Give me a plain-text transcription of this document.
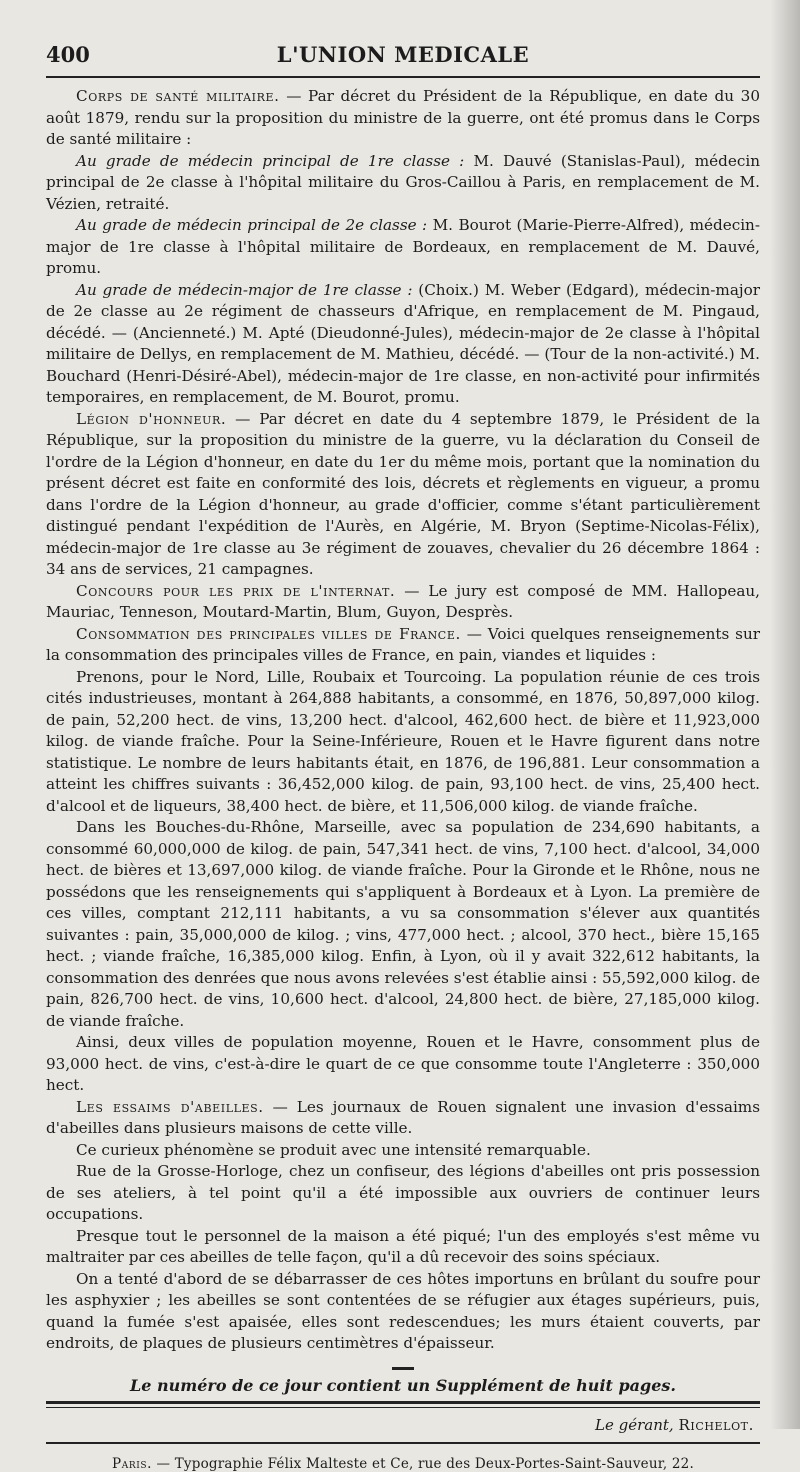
400	L'UNION MEDICALE

Corps de santé militaire. — Par décret du Président de la République, en date du 30 août 1879, rendu sur la proposition du ministre de la guerre, ont été promus dans le Corps de santé militaire :

Au grade de médecin principal de 1re classe : M. Dauvé (Stanislas-Paul), médecin principal de 2e classe à l'hôpital militaire du Gros-Caillou à Paris, en remplacement de M. Vézien, retraité.

Au grade de médecin principal de 2e classe : M. Bourot (Marie-Pierre-Alfred), médecin-major de 1re classe à l'hôpital militaire de Bordeaux, en remplacement de M. Dauvé, promu.

Au grade de médecin-major de 1re classe : (Choix.) M. Weber (Edgard), médecin-major de 2e classe au 2e régiment de chasseurs d'Afrique, en remplacement de M. Pingaud, décédé. — (Ancienneté.) M. Apté (Dieudonné-Jules), médecin-major de 2e classe à l'hôpital militaire de Dellys, en remplacement de M. Mathieu, décédé. — (Tour de la non-activité.) M. Bouchard (Henri-Désiré-Abel), médecin-major de 1re classe, en non-activité pour infirmités temporaires, en remplacement, de M. Bourot, promu.

Légion d'honneur. — Par décret en date du 4 septembre 1879, le Président de la République, sur la proposition du ministre de la guerre, vu la déclaration du Conseil de l'ordre de la Légion d'honneur, en date du 1er du même mois, portant que la nomination du présent décret est faite en conformité des lois, décrets et règlements en vigueur, a promu dans l'ordre de la Légion d'honneur, au grade d'officier, comme s'étant particulièrement distingué pendant l'expédition de l'Aurès, en Algérie, M. Bryon (Septime-Nicolas-Félix), médecin-major de 1re classe au 3e régiment de zouaves, chevalier du 26 décembre 1864 : 34 ans de services, 21 campagnes.

Concours pour les prix de l'internat. — Le jury est composé de MM. Hallopeau, Mauriac, Tenneson, Moutard-Martin, Blum, Guyon, Desprès.

Consommation des principales villes de France. — Voici quelques renseignements sur la consommation des principales villes de France, en pain, viandes et liquides :

Prenons, pour le Nord, Lille, Roubaix et Tourcoing. La population réunie de ces trois cités industrieuses, montant à 264,888 habitants, a consommé, en 1876, 50,897,000 kilog. de pain, 52,200 hect. de vins, 13,200 hect. d'alcool, 462,600 hect. de bière et 11,923,000 kilog. de viande fraîche. Pour la Seine-Inférieure, Rouen et le Havre figurent dans notre statistique. Le nombre de leurs habitants était, en 1876, de 196,881. Leur consommation a atteint les chiffres suivants : 36,452,000 kilog. de pain, 93,100 hect. de vins, 25,400 hect. d'alcool et de liqueurs, 38,400 hect. de bière, et 11,506,000 kilog. de viande fraîche.

Dans les Bouches-du-Rhône, Marseille, avec sa population de 234,690 habitants, a consommé 60,000,000 de kilog. de pain, 547,341 hect. de vins, 7,100 hect. d'alcool, 34,000 hect. de bières et 13,697,000 kilog. de viande fraîche. Pour la Gironde et le Rhône, nous ne possédons que les renseignements qui s'appliquent à Bordeaux et à Lyon. La première de ces villes, comptant 212,111 habitants, a vu sa consommation s'élever aux quantités suivantes : pain, 35,000,000 de kilog. ; vins, 477,000 hect. ; alcool, 370 hect., bière 15,165 hect. ; viande fraîche, 16,385,000 kilog. Enfin, à Lyon, où il y avait 322,612 habitants, la consommation des denrées que nous avons relevées s'est établie ainsi : 55,592,000 kilog. de pain, 826,700 hect. de vins, 10,600 hect. d'alcool, 24,800 hect. de bière, 27,185,000 kilog. de viande fraîche.

Ainsi, deux villes de population moyenne, Rouen et le Havre, consomment plus de 93,000 hect. de vins, c'est-à-dire le quart de ce que consomme toute l'Angleterre : 350,000 hect.

Les essaims d'abeilles. — Les journaux de Rouen signalent une invasion d'essaims d'abeilles dans plusieurs maisons de cette ville.

Ce curieux phénomène se produit avec une intensité remarquable.

Rue de la Grosse-Horloge, chez un confiseur, des légions d'abeilles ont pris possession de ses ateliers, à tel point qu'il a été impossible aux ouvriers de continuer leurs occupations.

Presque tout le personnel de la maison a été piqué; l'un des employés s'est même vu maltraiter par ces abeilles de telle façon, qu'il a dû recevoir des soins spéciaux.

On a tenté d'abord de se débarrasser de ces hôtes importuns en brûlant du soufre pour les asphyxier ; les abeilles se sont contentées de se réfugier aux étages supérieurs, puis, quand la fumée s'est apaisée, elles sont redescendues; les murs étaient couverts, par endroits, de plaques de plusieurs centimètres d'épaisseur.

Le numéro de ce jour contient un Supplément de huit pages.
Le gérant, Richelot.
Paris. — Typographie Félix Malteste et Ce, rue des Deux-Portes-Saint-Sauveur, 22.
